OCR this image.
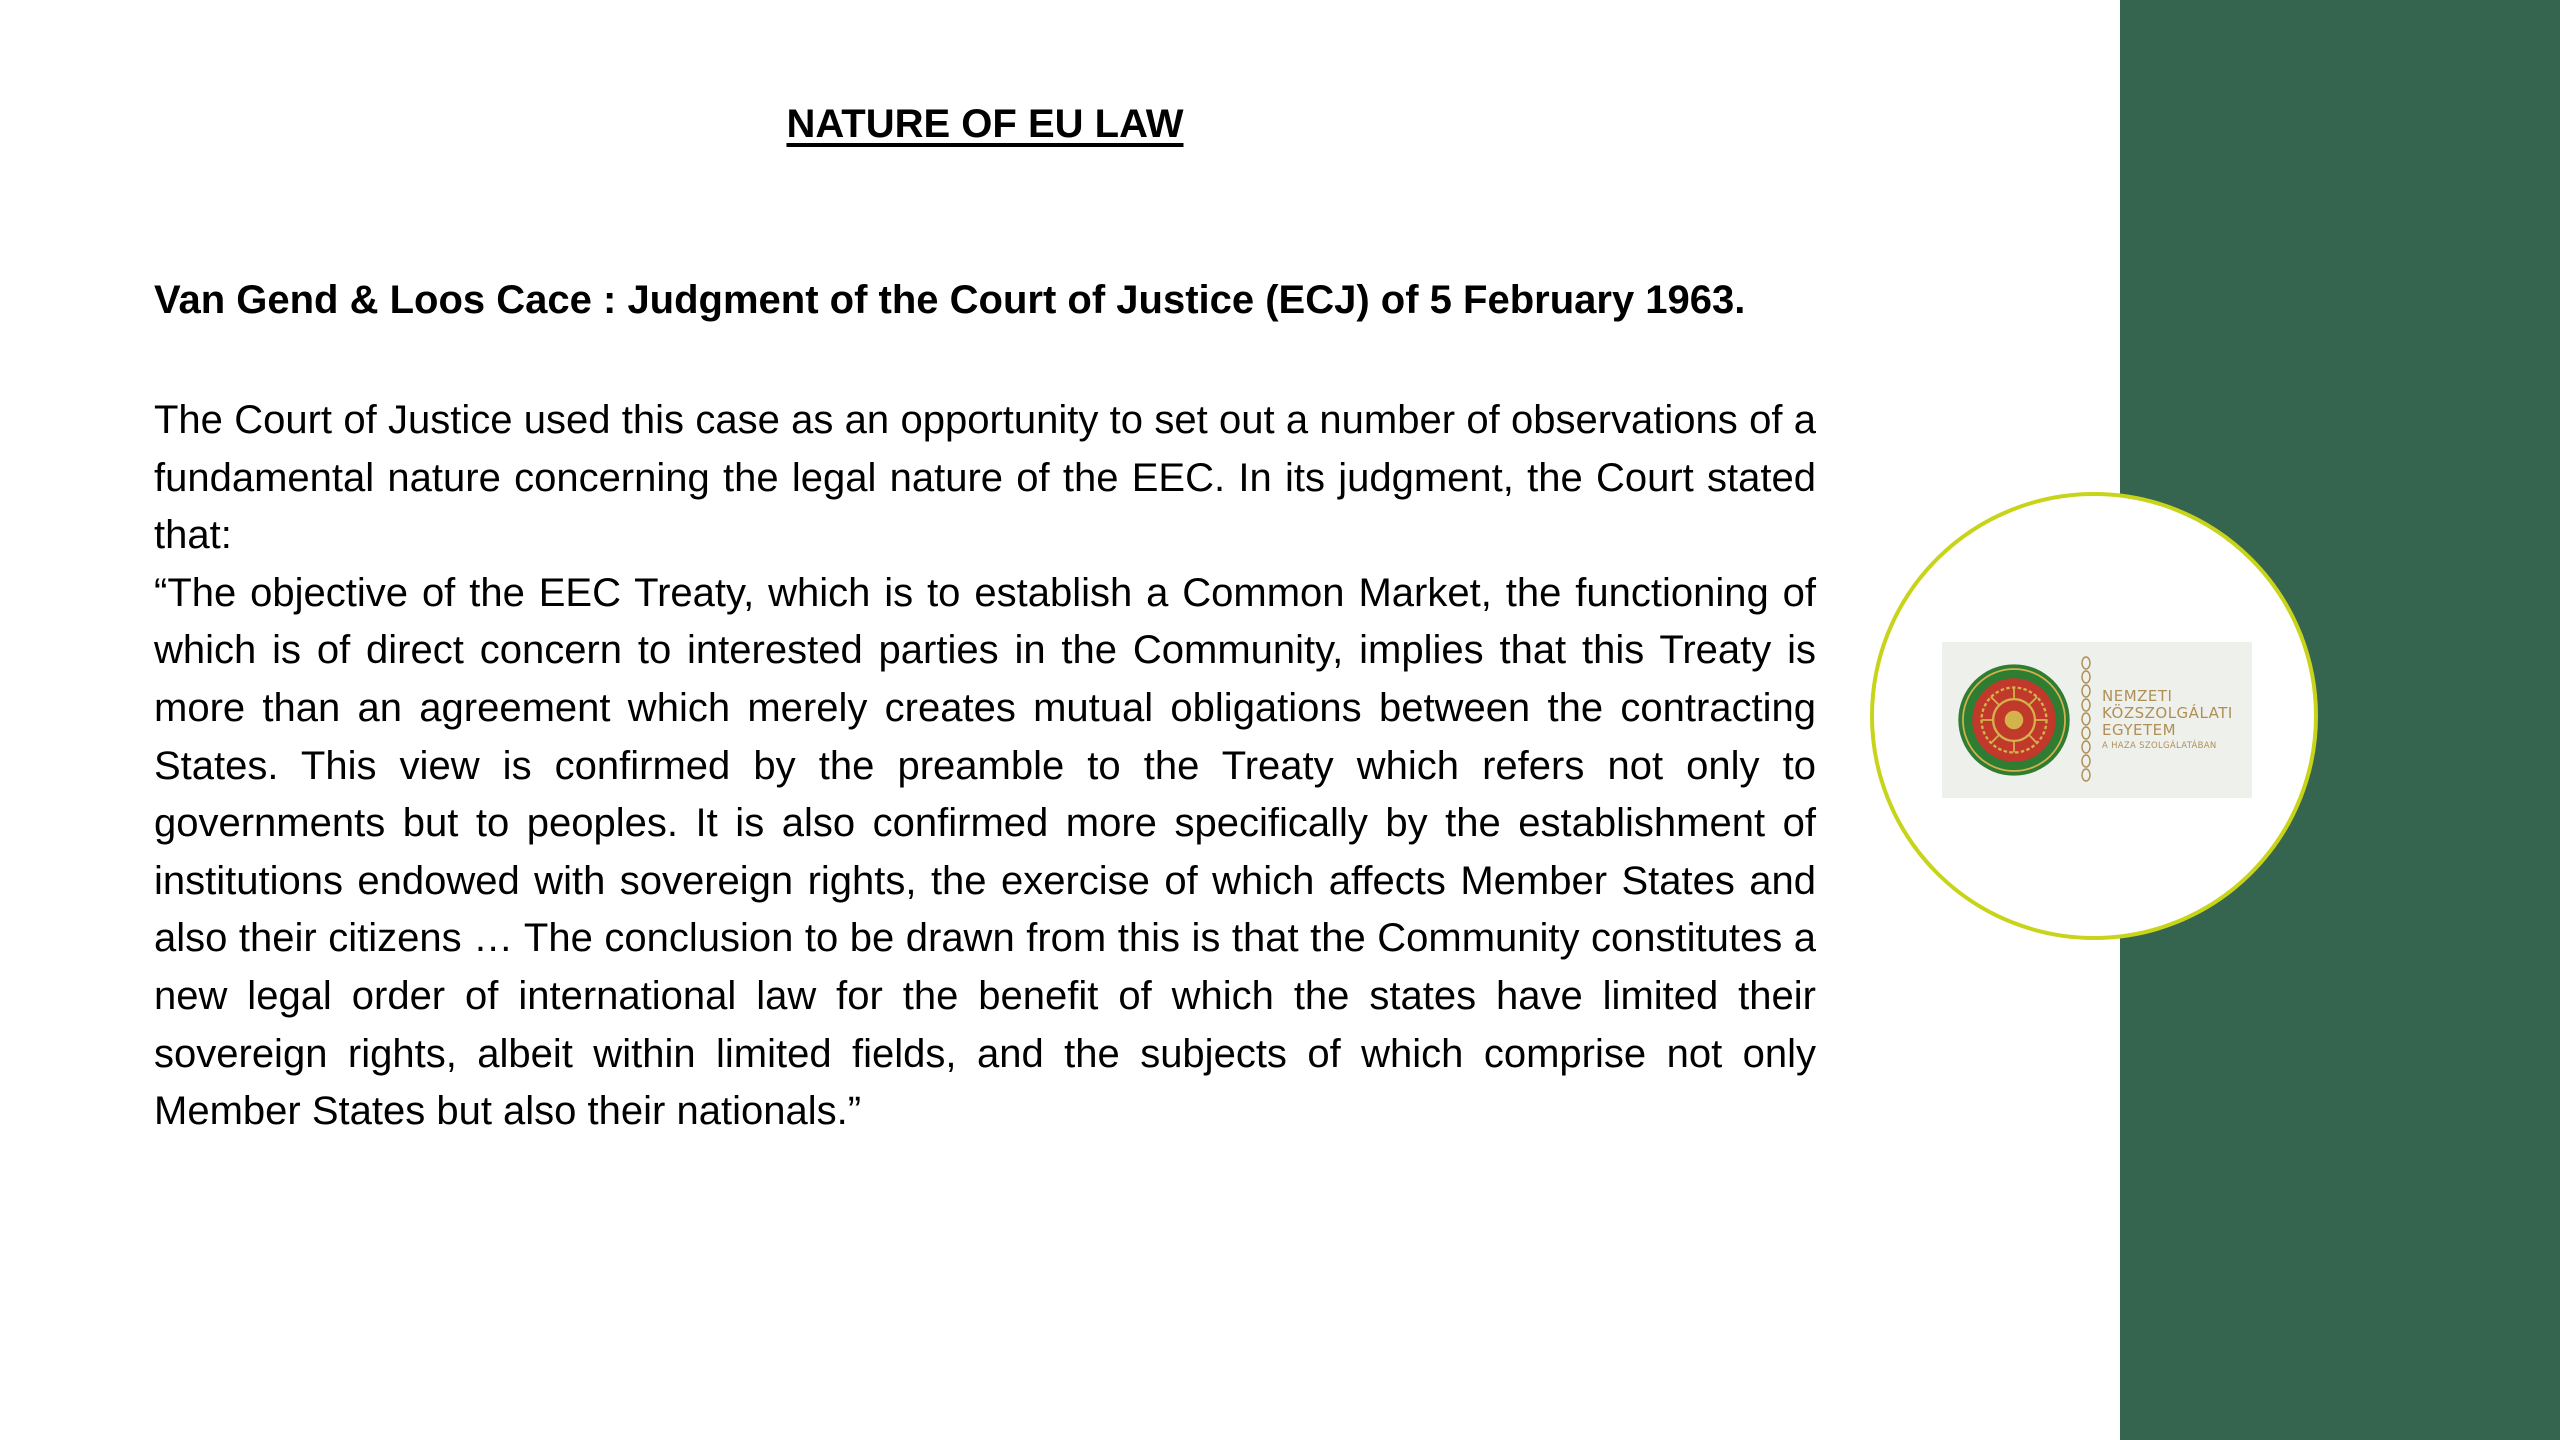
NATURE OF EU LAW
Van Gend & Loos Cace : Judgment of the Court of Justice (ECJ) of 5 February 1963.

The Court of Justice used this case as an opportunity to set out a number of observations of a fundamental nature concerning the legal nature of the EEC. In its judgment, the Court stated that:

“The objective of the EEC Treaty, which is to establish a Common Market, the functioning of which is of direct concern to interested parties in the Community, implies that this Treaty is more than an agreement which merely creates mutual obligations between the contracting States. This view is confirmed by the preamble to the Treaty which refers not only to governments but to peoples. It is also confirmed more specifically by the establishment of institutions endowed with sovereign rights, the exercise of which affects Member States and also their citizens … The conclusion to be drawn from this is that the Community constitutes a new legal order of international law for the benefit of which the states have limited their sovereign rights, albeit within limited fields, and the subjects of which comprise not only Member States but also their nationals.”

NEMZETI
KÖZSZOLGÁLATI
EGYETEM
A HAZA SZOLGÁLATÁBAN
